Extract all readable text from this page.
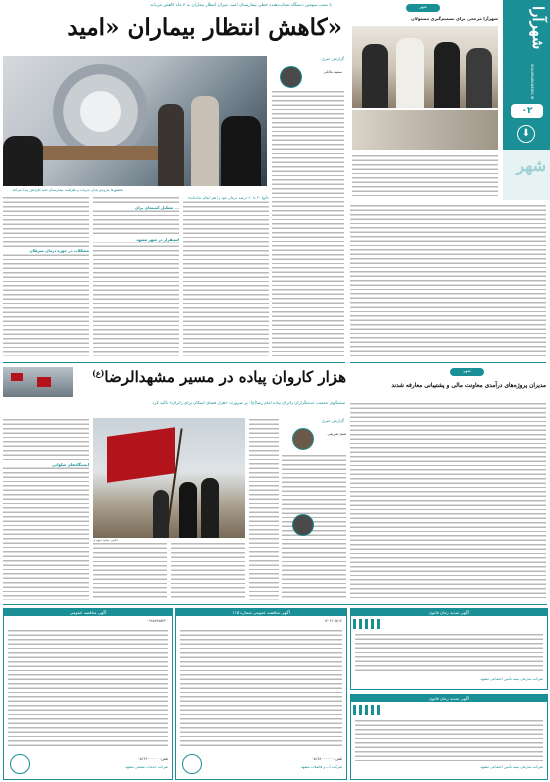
شهرآرا
SHAHRARANEWS.IR
۰۲
⬇
شهر
با نصب سومین دستگاه شتاب‌دهنده خطی بیمارستان امید، میزان انتظار بیماران به ۳ ماه کاهش می‌یابد
کاهش انتظار بیماران «امید»
تحقیق‌ها به‌‌زودی پایان‌ می‌یابد و ظرفیت بیمارستان امید افزایش پیدا می‌کند
تشکیل کمیته‌ای برای ...
استقرار در شهر مشهد
مشکلات در حوزه درمان سرطان
«آنها ۳۰ تا ۶۰ درصد درمان خود را هم انجام نداده‌اند»
گزارش خبری
سمیه‌ مالکی
شهر
شهرآرا مرجعی برای تصمیم‌گیری مسئولان
شهر
مدیران پروژه‌های درآمدی معاونت مالی و پشتیبانی معارفه شدند
هزار کاروان پیاده در مسیر مشهدالرضا$^{(ع)}$
سخنگوی جمعیت خدمتگزاران زائران پیاده امام رضا(ع): بر ضرورت «هزار فضای اسکان برای زائران» تأکید کرد
گزارش خبری
صنم شریفی
ایستگاه‌های صلواتی
عکس: سعید شهیدی
آگهی مناقصه عمومی
۰۹۱۵۸۹۷۵۴۲۰
تلفن: ۰۵۱۳۶۰۰۰۰۰۰
شرکت خدمات صنعتی مشهد
آگهی مناقصه عمومی شماره ۱۱۵
۱۴۰۲/۰۵/۱۲
تلفن: ۰۵۱۳۸۰۰۰۰۰۰
شرکت آب و فاضلاب مشهد
آگهی تمدید زمان قانون
شرکت سازمان بیمه تأمین اجتماعی مشهد
آگهی تمدید زمان قانون
شرکت سازمان بیمه تأمین اجتماعی مشهد
